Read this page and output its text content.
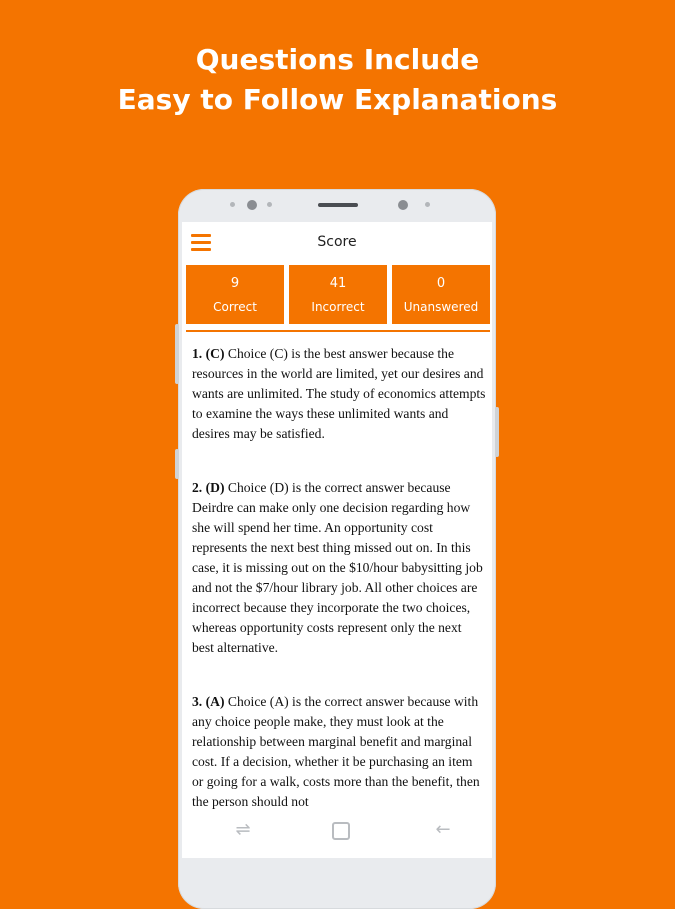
Questions Include
Easy to Follow Explanations
Score
9
Correct
41
Incorrect
0
Unanswered

1. (C) Choice (C) is the best answer because the resources in the world are limited, yet our desires and wants are unlimited. The study of economics attempts to examine the ways these unlimited wants and desires may be satisfied.

2. (D) Choice (D) is the correct answer because Deirdre can make only one decision regarding how she will spend her time. An opportunity cost represents the next best thing missed out on. In this case, it is missing out on the $10/hour babysitting job and not the $7/hour library job. All other choices are incorrect because they incorporate the two choices, whereas opportunity costs represent only the next best alternative.

3. (A) Choice (A) is the correct answer because with any choice people make, they must look at the relationship between marginal benefit and marginal cost. If a decision, whether it be purchasing an item or going for a walk, costs more than the benefit, then the person should not

⇌	←
